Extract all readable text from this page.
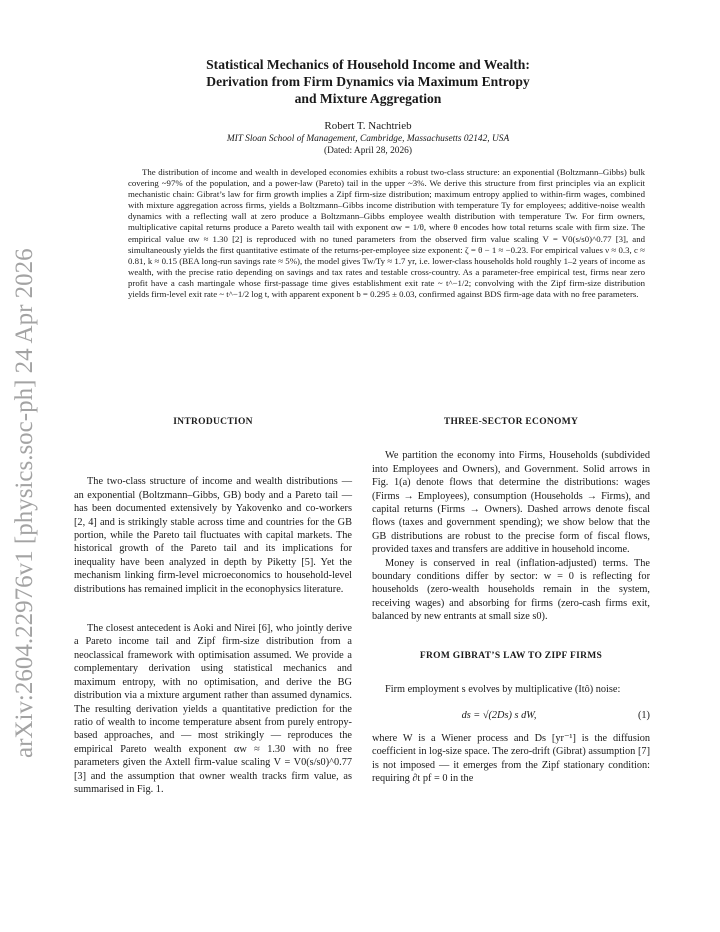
arXiv:2604.22976v1 [physics.soc-ph] 24 Apr 2026
Statistical Mechanics of Household Income and Wealth:
Derivation from Firm Dynamics via Maximum Entropy
and Mixture Aggregation
Robert T. Nachtrieb
MIT Sloan School of Management, Cambridge, Massachusetts 02142, USA
(Dated: April 28, 2026)

The distribution of income and wealth in developed economies exhibits a robust two-class structure: an exponential (Boltzmann–Gibbs) bulk covering ~97% of the population, and a power-law (Pareto) tail in the upper ~3%. We derive this structure from first principles via an explicit mechanistic chain: Gibrat’s law for firm growth implies a Zipf firm-size distribution; maximum entropy applied to within-firm wages, combined with mixture aggregation across firms, yields a Boltzmann–Gibbs income distribution with temperature Ty for employees; additive-noise wealth dynamics with a reflecting wall at zero produce a Boltzmann–Gibbs employee wealth distribution with temperature Tw. For firm owners, multiplicative capital returns produce a Pareto wealth tail with exponent αw = 1/θ, where θ encodes how total returns scale with firm size. The empirical value αw ≈ 1.30 [2] is reproduced with no tuned parameters from the observed firm value scaling V = V0(s/s0)^0.77 [3], and simultaneously yields the first quantitative estimate of the returns-per-employee size exponent: ζ = θ − 1 ≈ −0.23. For empirical values ν ≈ 0.3, c ≈ 0.81, k ≈ 0.15 (BEA long-run savings rate ≈ 5%), the model gives Tw/Ty ≈ 1.7 yr, i.e. lower-class households hold roughly 1–2 years of income as wealth, with the precise ratio depending on savings and tax rates and testable cross-country. As a parameter-free empirical test, firms near zero profit have a cash martingale whose first-passage time gives establishment exit rate ~ t^−1/2; convolving with the Zipf firm-size distribution yields firm-level exit rate ~ t^−1/2 log t, with apparent exponent b = 0.295 ± 0.03, confirmed against BDS firm-age data with no free parameters.

INTRODUCTION

The two-class structure of income and wealth distributions — an exponential (Boltzmann–Gibbs, GB) body and a Pareto tail — has been documented extensively by Yakovenko and co-workers [2, 4] and is strikingly stable across time and countries for the GB portion, while the Pareto tail fluctuates with capital markets. The historical growth of the Pareto tail and its implications for inequality have been analyzed in depth by Piketty [5]. Yet the mechanism linking firm-level microeconomics to household-level distributions has remained implicit in the econophysics literature.

The closest antecedent is Aoki and Nirei [6], who jointly derive a Pareto income tail and Zipf firm-size distribution from a neoclassical framework with optimisation assumed. We provide a complementary derivation using statistical mechanics and maximum entropy, with no optimisation, and derive the BG distribution via a mixture argument rather than assumed dynamics. The resulting derivation yields a quantitative prediction for the ratio of wealth to income temperature absent from purely entropy-based approaches, and — most strikingly — reproduces the empirical Pareto wealth exponent αw ≈ 1.30 with no free parameters given the Axtell firm-value scaling V = V0(s/s0)^0.77 [3] and the assumption that owner wealth tracks firm value, as summarised in Fig. 1.

THREE-SECTOR ECONOMY

We partition the economy into Firms, Households (subdivided into Employees and Owners), and Government. Solid arrows in Fig. 1(a) denote flows that determine the distributions: wages (Firms → Employees), consumption (Households → Firms), and capital returns (Firms → Owners). Dashed arrows denote fiscal flows (taxes and government spending); we show below that the GB distributions are robust to the precise form of fiscal flows, provided taxes and transfers are additive in household income.

Money is conserved in real (inflation-adjusted) terms. The boundary conditions differ by sector: w = 0 is reflecting for households (zero-wealth households remain in the system, receiving wages) and absorbing for firms (zero-cash firms exit, balanced by new entrants at small size s0).

FROM GIBRAT’S LAW TO ZIPF FIRMS

Firm employment s evolves by multiplicative (Itô) noise:

ds = √(2Ds) s dW,	(1)

where W is a Wiener process and Ds [yr⁻¹] is the diffusion coefficient in log-size space. The zero-drift (Gibrat) assumption [7] is not imposed — it emerges from the Zipf stationary condition: requiring ∂t pf = 0 in the
